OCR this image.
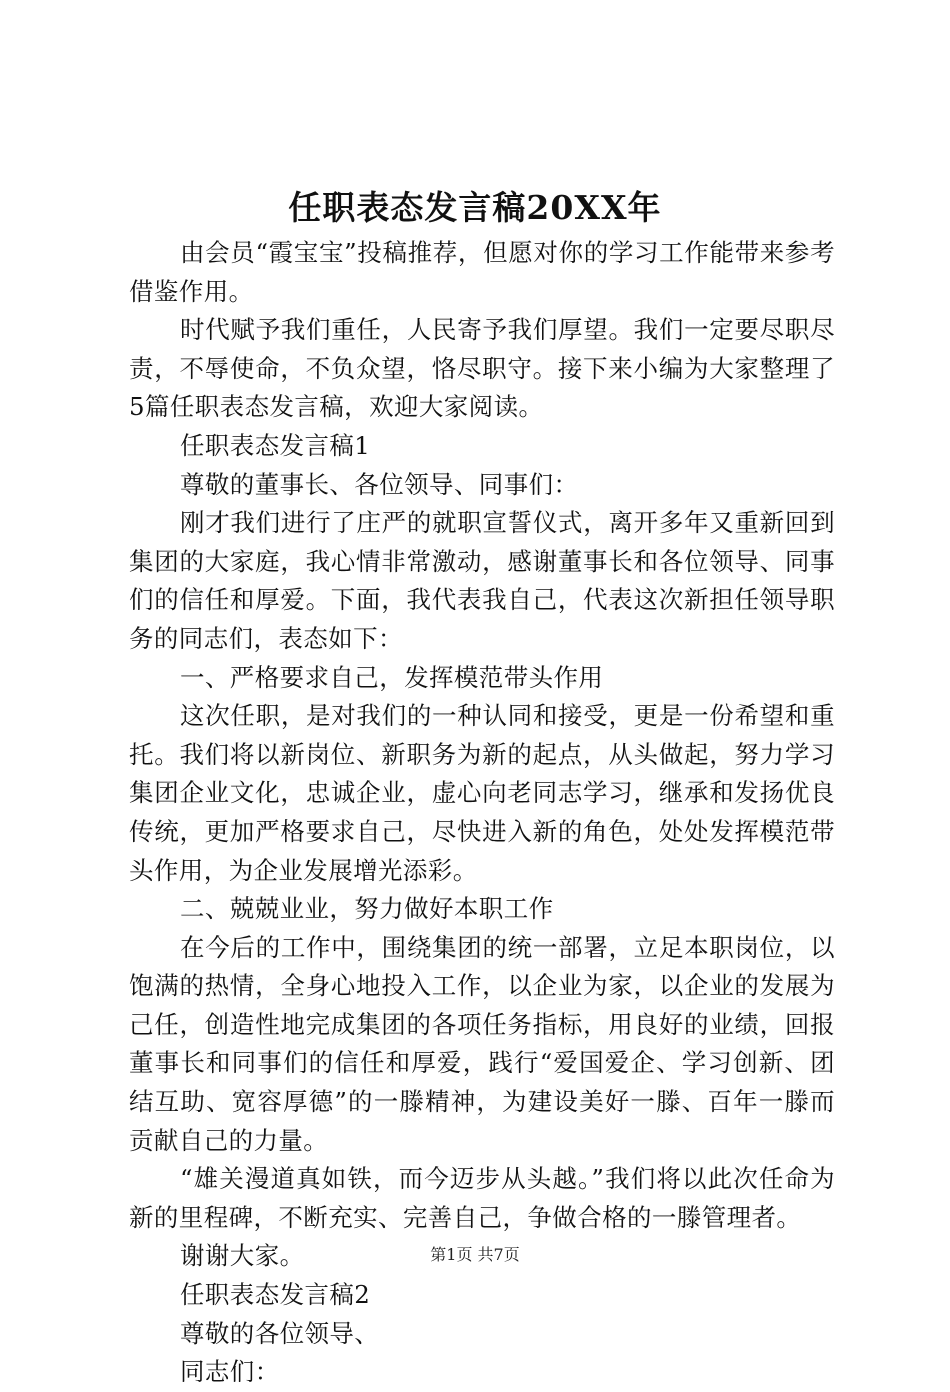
任职表态发言稿20XX年

由会员“霞宝宝”投稿推荐，但愿对你的学习工作能带来参考借鉴作用。

时代赋予我们重任，人民寄予我们厚望。我们一定要尽职尽责，不辱使命，不负众望，恪尽职守。接下来小编为大家整理了5篇任职表态发言稿，欢迎大家阅读。

任职表态发言稿1

尊敬的董事长、各位领导、同事们：

刚才我们进行了庄严的就职宣誓仪式，离开多年又重新回到集团的大家庭，我心情非常激动，感谢董事长和各位领导、同事们的信任和厚爱。下面，我代表我自己，代表这次新担任领导职务的同志们，表态如下：

一、严格要求自己，发挥模范带头作用

这次任职，是对我们的一种认同和接受，更是一份希望和重托。我们将以新岗位、新职务为新的起点，从头做起，努力学习集团企业文化，忠诚企业，虚心向老同志学习，继承和发扬优良传统，更加严格要求自己，尽快进入新的角色，处处发挥模范带头作用，为企业发展增光添彩。

二、兢兢业业，努力做好本职工作

在今后的工作中，围绕集团的统一部署，立足本职岗位，以饱满的热情，全身心地投入工作，以企业为家，以企业的发展为己任，创造性地完成集团的各项任务指标，用良好的业绩，回报董事长和同事们的信任和厚爱，践行“爱国爱企、学习创新、团结互助、宽容厚德”的一滕精神，为建设美好一滕、百年一滕而贡献自己的力量。

“雄关漫道真如铁，而今迈步从头越。”我们将以此次任命为新的里程碑，不断充实、完善自己，争做合格的一滕管理者。

谢谢大家。

任职表态发言稿2

尊敬的各位领导、

同志们：

第1页 共7页
